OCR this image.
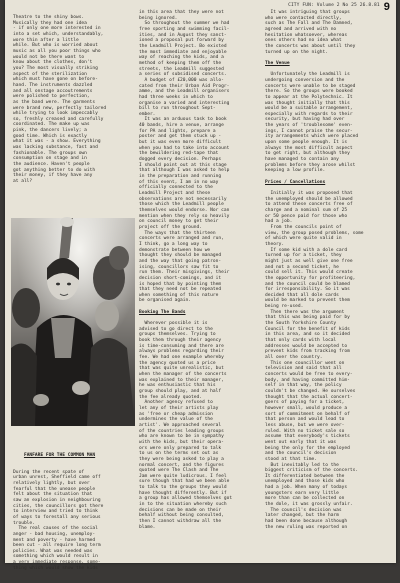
CITY FUN: Volume 2 No 25 26.8.81 9
Theatre to the shiny bows.
Musically they had one idea
- if only one more interested in
into a set which, understandably,
wore thin after a little
while. But who is worried about
music as all you poor things who
would not be there want to
know about the clothes, don't
you? The most visually striking
aspect of the sterilization
which must have gone on before-
hand. The instruments dazzled
and all onstage accoutrements
were polished to perfection,
as the band were. The garments
were brand new, perfectly tailored
while trying to look impeccably
so, freshly creased and carefully
coordinated. The make up was
pink, the dancers lively; a
good time. Which is exactly
what it was - a show. Everything
was lacking substance, fast and
fashionable. The groups own
consumption on stage and in
the audience. Haven't people
got anything better to do with
their money, if they have any
at all?

FANFARE FOR THE COMMON MAN

During the recent spate of
urban unrest, Sheffield came off
relatively lightly, but over
fearful that the unease people
felt about the situation that
saw an explosion in neighbouring
cities, the councillors got there
to interview and tried to think
of ways to forestall any serious
trouble.
The real causes of the social
anger - bad housing, unemploy-
ment and poverty - have harmed
been cut - all require long term
policies. What was needed was
something which would result in
a very immediate response, some-
thing which would show the kids

in this area that they were not
being ignored.
So throughout the summer we had
free sporting and swimming facil-
ities, and in August they sanct-
ioned a proposal put forward by
the Leadmill Project. Bo existed
the most immediate and enjoyable
way of reaching the kids, and a
method of keeping them off the
streets, the Leadmill suggested
a series of subsidised concerts.
A budget of £20,000 was allo-
cated from their Urban Aid Progr-
amme, and the Leadmill organisers
had three weeks in which to
organise a varied and interesting
bill to run throughout Sept-
ember.
It was an arduous task to book
40 bands, hire a venue, arrange
for PA and lights, prepare a
poster and get them stuck up -
but it was even more difficult
when you had to take into account
the bewildering red-tape that
dogged every decision. Perhaps
I should point out at this stage
that although I was asked to help
in the preparation and running
of this event, I am in no way
officially connected to the
Leadmill Project and these
observations are not necessarily
those which the Leadmill people
themselves would endorse. Nor can
mention when they rely so heavily
on council money to get their
project off the ground.
The ways that the thirteen
concerts were arranged and run,
I think, go a long way to
demonstrate between how we
thought they should be managed
and the way that going patron-
ising, councillors saw fit to
run them. Their misgivings, their
decision short-comings, and it
is hoped that by pointing them
that they need not be repeated
when something of this nature
be organised again.

Booking The Bands

Wherever possible it is
advised to go direct to the
groups themselves. Trying to
book them through their agency
is time-consuming and there are
always problems regarding their
fee. We had one example whereby
the agency quoted us a price
that was quite unrealistic, but
when the manager of the concerts
was explained to their manager,
he was enthusiastic that his
group should play, and at half
the fee already quoted.
Another agency refused to
let any of their artists play
as 'free or cheap admission
undermines the value of the
artist'. We approached several
of the countries leading groups
who are known to be in sympathy
with the kids, but their opera-
ors were only prepared to talk
to us on the terms set out as
they were being asked to play a
normal concert, and the figures
quoted were The Clash and The
Jam were quite ludicrous. I feel
sure though that had we been able
to talk to the groups they would
have thought differently. But if
a group has allowed themselves got
in to the situation whereby such
decisions can be made on their
behalf without being consulted,
then I cannot withdraw all the
blame.
It was intriguing that groups
who were contacted directly,
such as The Fall and The Damned,
agreed and arrived with no
hesitation whatsoever, whereas
ones others had no idea what
the concerts was about until they
turned up on the night.

The Venue

Unfortunately the Leadmill is
undergoing conversion and the
concerts were unable to be staged
there. So the groups were booked
to appear at the Polytechnic. It
was thought initially that this
would be a suitable arrangement,
especially with regards to their
security, but having had over
the years of 'troublesome' even-
ings, I cannot praise the secur-
ity arrangements which were placed
upon some people enough. It is
always the most difficult aspect
to get right, but although they
have managed to contain any
problems before they arose whilst
keeping a low profile.

Prices / Cancellations

Initially it was proposed that
the unemployed should be allowed
to attend these concerts free of
charge and a nominal sum of 25
or 50 pence paid for those who
had a job.
From the councils point of
view, the group posed problems, some
of which were quite valid in
theory.
If some kid with a dole card
turned up for a ticket, they
might just as well give one free
and not a second ticket, he
could sell it. This would create
the opportunity for profiteering,
and the council could be blamed
for irresponsibility. So it was
decided that all dole cards
would be marked to prevent them
being re-used.
Then there was the argument
that this was being paid for by
the South Yorkshire County
Council for the benefit of kids
in this area, and so it decided
that only cards with local
addresses would be accepted to
prevent kids from tracking from
all over the country.
This one councillor went on
television and said that all
concerts would be free to every-
body, and having committed him-
self in that way, the policy
couldn't be changed. He ourselves
thought that the actual concert-
goers of paying for a ticket,
however small, would produce a
sort of commitment on behalf of
that person and would lead to
less abuse, but we were over-
ruled. With no ticket sale so
assume that everybody's tickets
went out early that it was
being the only for the employed
and the council's decision
stood at that time.
But inevitably led to the
biggest criticism of the concerts.
It differentiated between the
unemployed and those kids who
had a job. When many of todays
youngsters earn very little
more than can be collected on
the dole, it was grossly unfair.
The council's decision was
later changed, but the harm
had been done because although
the new ruling was reported on
